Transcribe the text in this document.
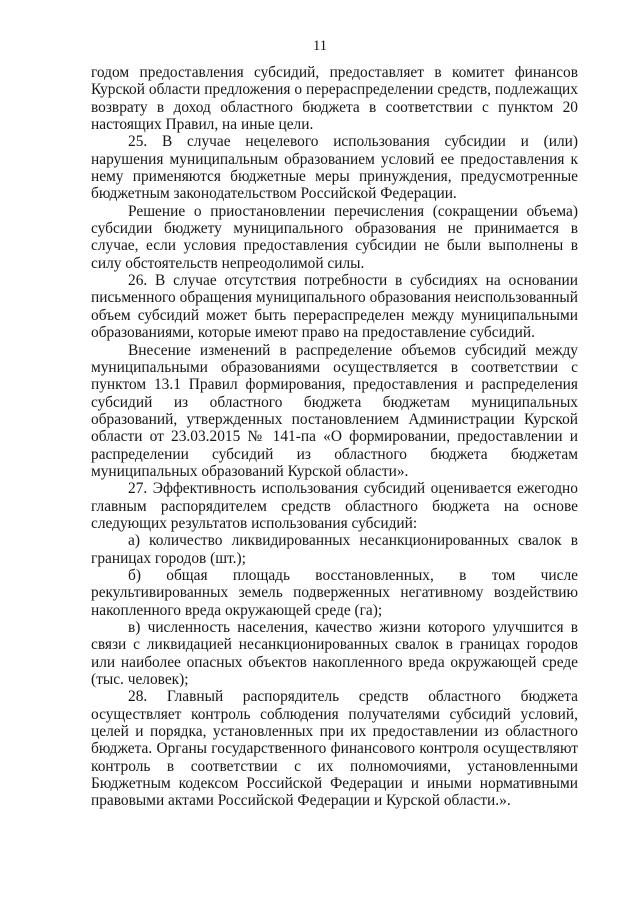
11

годом предоставления субсидий, предоставляет в комитет финансов Курской области предложения о перераспределении средств, подлежащих возврату в доход областного бюджета в соответствии с пунктом 20 настоящих Правил, на иные цели.

25. В случае нецелевого использования субсидии и (или) нарушения муниципальным образованием условий ее предоставления к нему применяются бюджетные меры принуждения, предусмотренные бюджетным законодательством Российской Федерации.

Решение о приостановлении перечисления (сокращении объема) субсидии бюджету муниципального образования не принимается в случае, если условия предоставления субсидии не были выполнены в силу обстоятельств непреодолимой силы.

26. В случае отсутствия потребности в субсидиях на основании письменного обращения муниципального образования неиспользованный объем субсидий может быть перераспределен между муниципальными образованиями, которые имеют право на предоставление субсидий.

Внесение изменений в распределение объемов субсидий между муниципальными образованиями осуществляется в соответствии с пунктом 13.1 Правил формирования, предоставления и распределения субсидий из областного бюджета бюджетам муниципальных образований, утвержденных постановлением Администрации Курской области от 23.03.2015 № 141-па «О формировании, предоставлении и распределении субсидий из областного бюджета бюджетам муниципальных образований Курской области».

27. Эффективность использования субсидий оценивается ежегодно главным распорядителем средств областного бюджета на основе следующих результатов использования субсидий:

а) количество ликвидированных несанкционированных свалок в границах городов (шт.);

б) общая площадь восстановленных, в том числе рекультивированных земель подверженных негативному воздействию накопленного вреда окружающей среде (га);

в) численность населения, качество жизни которого улучшится в связи с ликвидацией несанкционированных свалок в границах городов или наиболее опасных объектов накопленного вреда окружающей среде (тыс. человек);

28. Главный распорядитель средств областного бюджета осуществляет контроль соблюдения получателями субсидий условий, целей и порядка, установленных при их предоставлении из областного бюджета. Органы государственного финансового контроля осуществляют контроль в соответствии с их полномочиями, установленными Бюджетным кодексом Российской Федерации и иными нормативными правовыми актами Российской Федерации и Курской области.».
